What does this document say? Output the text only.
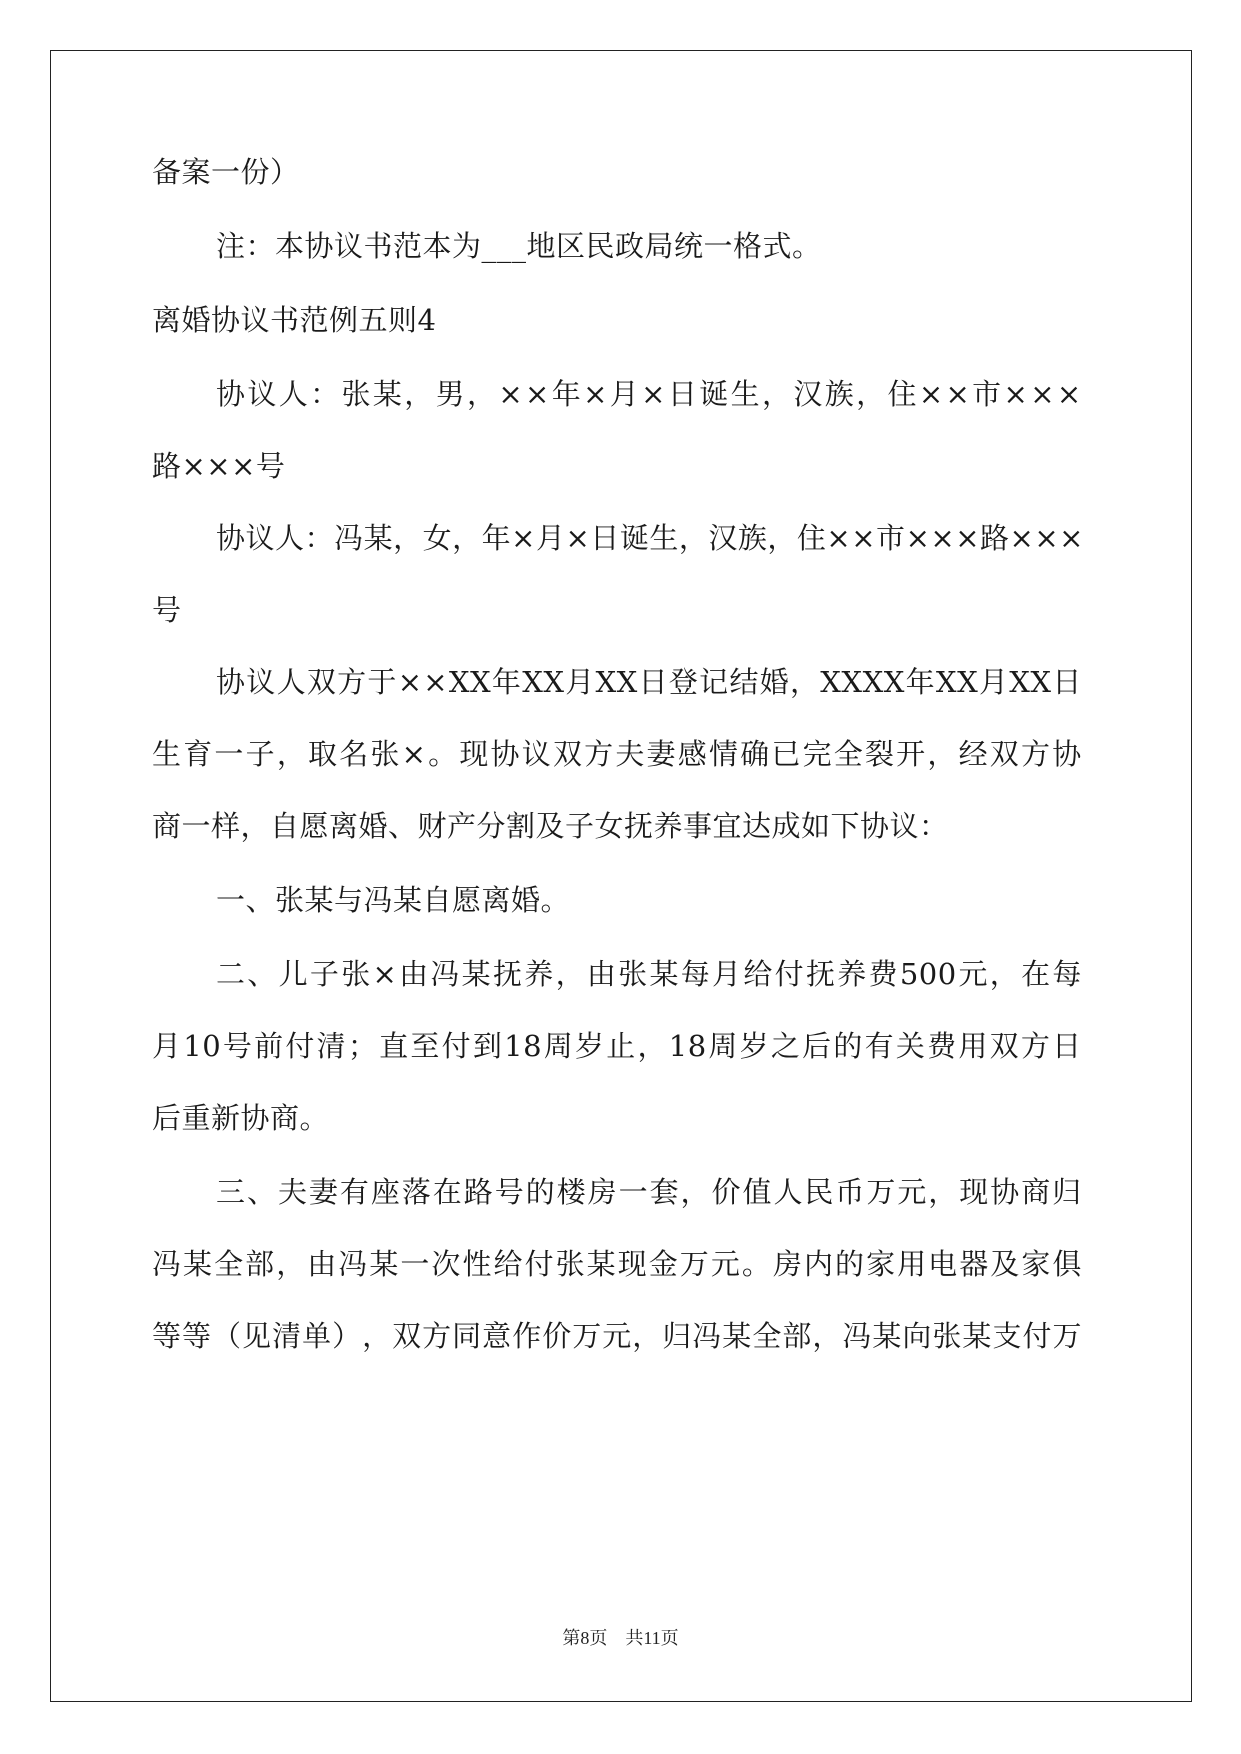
备案一份）
注：本协议书范本为___地区民政局统一格式。
离婚协议书范例五则4
协 议 人 ： 张 某 ， 男 ， × × 年 × 月 × 日 诞 生 ， 汉 族 ， 住 × × 市 × × ×
路×××号
协 议 人 ： 冯 某 ， 女 ， 年 × 月 × 日 诞 生 ， 汉 族 ， 住 × × 市 × × × 路 × × ×
号
协 议 人 双 方 于 × × XX 年 XX 月 XX 日 登 记 结 婚 ， XXXX 年 XX 月 XX 日
生 育 一 子 ， 取 名 张 × 。 现 协 议 双 方 夫 妻 感 情 确 已 完 全 裂 开 ， 经 双 方 协
商一样，自愿离婚、财产分割及子女抚养事宜达成如下协议：
一、张某与冯某自愿离婚。
二 、 儿 子 张 × 由 冯 某 抚 养 ， 由 张 某 每 月 给 付 抚 养 费 500 元 ， 在 每
月 10 号 前 付 清 ； 直 至 付 到 18 周 岁 止 ， 18 周 岁 之 后 的 有 关 费 用 双 方 日
后重新协商。
三 、 夫 妻 有 座 落 在 路 号 的 楼 房 一 套 ， 价 值 人 民 币 万 元 ， 现 协 商 归
冯 某 全 部 ， 由 冯 某 一 次 性 给 付 张 某 现 金 万 元 。 房 内 的 家 用 电 器 及 家 俱
等 等 （ 见 清 单 ） ， 双 方 同 意 作 价 万 元 ， 归 冯 某 全 部 ， 冯 某 向 张 某 支 付 万
第8页　共11页
